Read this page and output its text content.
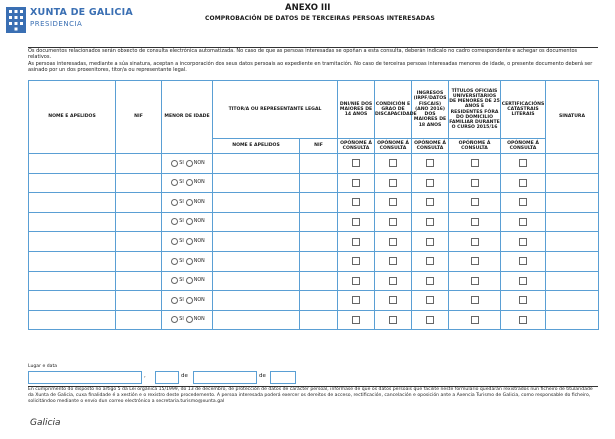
XUNTA DE GALICIA
PRESIDENCIA
ANEXO III
COMPROBACIÓN DE DATOS DE TERCEIRAS PERSOAS INTERESADAS

Os documentos relacionados serán obxecto de consulta electrónica automatizada. No caso de que as persoas interesadas se opoñan a esta consulta, deberán indicalo no cadro correspondente e achegar os documentos relativos.

As persoas interesadas, mediante a súa sinatura, aceptan a incorporación dos seus datos persoais ao expediente en tramitación. No caso de terceiras persoas interesadas menores de idade, o presente documento deberá ser asinado por un dos proxenitores, titor/a ou representante legal.

NOME E APELIDOS	NIF	MENOR DE IDADE	TITOR/A OU REPRESENTANTE LEGAL		DNI/NIE DOS MAIORES DE 14 ANOS	CONDICIÓN E GRAO DE DISCAPACIDADE	INGRESOS (IRPF/DATOS FISCAIS) (ANO 2016) DOS MAIORES DE 18 ANOS	TÍTULOS OFICIAIS UNIVERSITARIOS DE MENORES DE 25 ANOS E RESIDENTES FÓRA DO DOMICILIO FAMILIAR DURANTE O CURSO 2015/16	CERTIFICACIÓNS CATASTRAIS LITERAIS	SINATURA
			NOME E APELIDOS	NIF	OPÓÑOME Á CONSULTA	OPÓÑOME Á CONSULTA	OPÓÑOME Á CONSULTA	OPÓÑOME Á CONSULTA	OPÓÑOME Á CONSULTA	
		SI NON								
		SI NON								
		SI NON								
		SI NON								
		SI NON								
		SI NON								
		SI NON								
		SI NON								
		SI NON								
Lugar e data
,	de	de

En cumprimento do disposto no artigo 5 da Lei orgánica 15/1999, do 13 de decembro, de protección de datos de carácter persoal, infórmase de que os datos persoais que facilite neste formulario quedarán rexistrados nun ficheiro de titularidade da Xunta de Galicia, cuxa finalidade é a xestión e o rexistro deste procedemento. A persoa interesada poderá exercer os dereitos de acceso, rectificación, cancelación e oposición ante a Axencia Turismo de Galicia, como responsable do ficheiro, solicitándoo mediante o envío dun correo electrónico a secretaria.turismo@xunta.gal

Galicia
